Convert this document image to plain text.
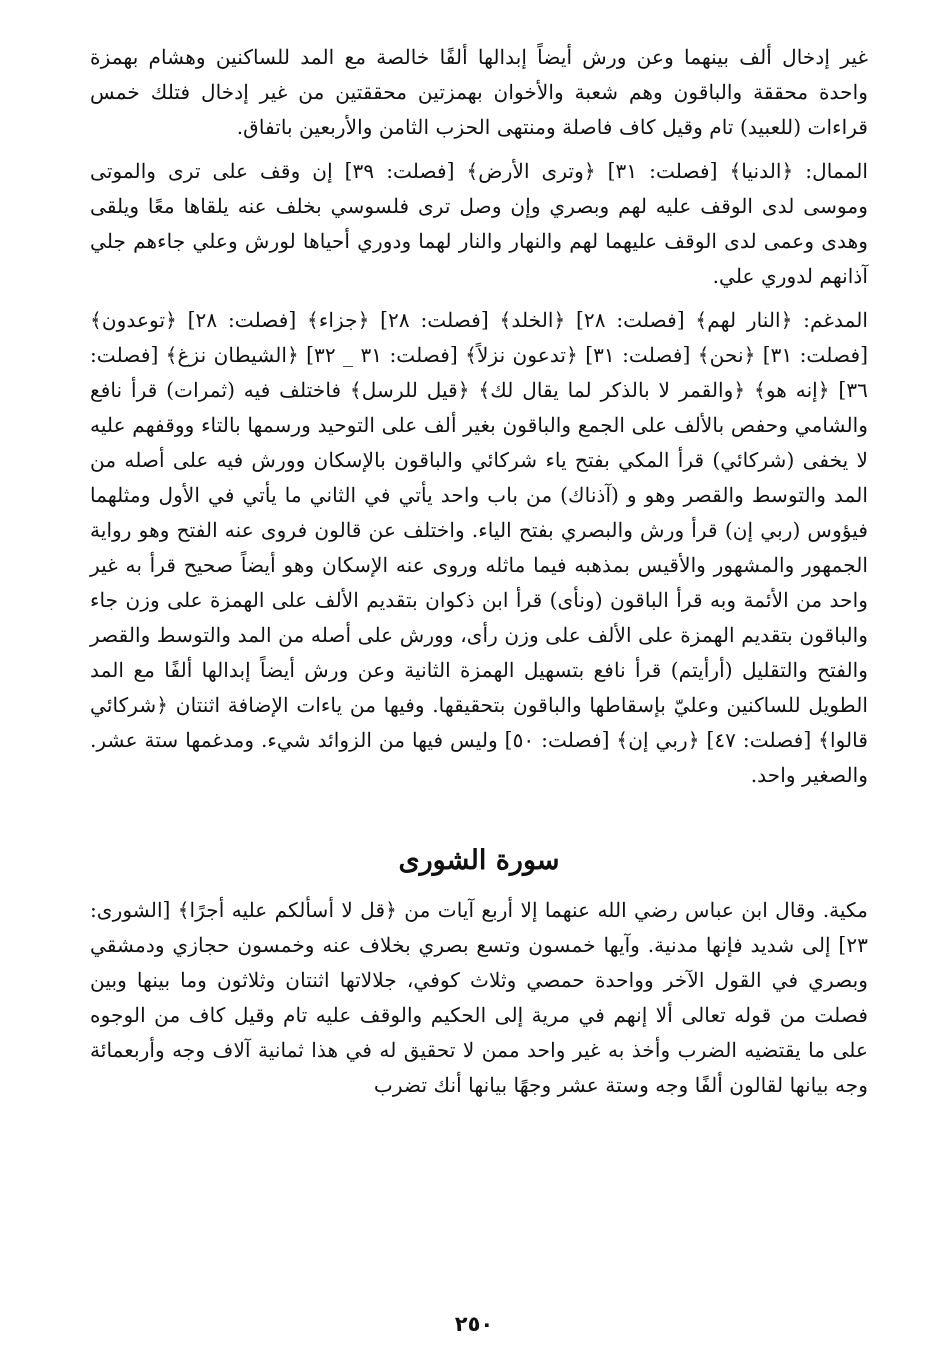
غير إدخال ألف بينهما وعن ورش أيضاً إبدالها ألفًا خالصة مع المد للساكنين وهشام بهمزة واحدة محققة والباقون وهم شعبة والأخوان بهمزتين محققتين من غير إدخال فتلك خمس قراءات (للعبيد) تام وقيل كاف فاصلة ومنتهى الحزب الثامن والأربعين باتفاق.

الممال: ﴿الدنيا﴾ [فصلت: ٣١] ﴿وترى الأرض﴾ [فصلت: ٣٩] إن وقف على ترى والموتى وموسى لدى الوقف عليه لهم وبصري وإن وصل ترى فلسوسي بخلف عنه يلقاها معًا ويلقى وهدى وعمى لدى الوقف عليهما لهم والنهار والنار لهما ودوري أحياها لورش وعلي جاءهم جلي آذانهم لدوري علي.

المدغم: ﴿النار لهم﴾ [فصلت: ٢٨] ﴿الخلد﴾ [فصلت: ٢٨] ﴿جزاء﴾ [فصلت: ٢٨] ﴿توعدون﴾ [فصلت: ٣١] ﴿نحن﴾ [فصلت: ٣١] ﴿تدعون نزلاً﴾ [فصلت: ٣١ _ ٣٢] ﴿الشيطان نزغ﴾ [فصلت: ٣٦] ﴿إنه هو﴾ ﴿والقمر لا بالذكر لما يقال لك﴾ ﴿قيل للرسل﴾ فاختلف فيه (ثمرات) قرأ نافع والشامي وحفص بالألف على الجمع والباقون بغير ألف على التوحيد ورسمها بالتاء ووقفهم عليه لا يخفى (شركائي) قرأ المكي بفتح ياء شركائي والباقون بالإسكان وورش فيه على أصله من المد والتوسط والقصر وهو و (آذناك) من باب واحد يأتي في الثاني ما يأتي في الأول ومثلهما فيؤوس (ربي إن) قرأ ورش والبصري بفتح الياء. واختلف عن قالون فروى عنه الفتح وهو رواية الجمهور والمشهور والأقيس بمذهبه فيما ماثله وروى عنه الإسكان وهو أيضاً صحيح قرأ به غير واحد من الأئمة وبه قرأ الباقون (ونأى) قرأ ابن ذكوان بتقديم الألف على الهمزة على وزن جاء والباقون بتقديم الهمزة على الألف على وزن رأى، وورش على أصله من المد والتوسط والقصر والفتح والتقليل (أرأيتم) قرأ نافع بتسهيل الهمزة الثانية وعن ورش أيضاً إبدالها ألفًا مع المد الطويل للساكنين وعليّ بإسقاطها والباقون بتحقيقها. وفيها من ياءات الإضافة اثنتان ﴿شركائي قالوا﴾ [فصلت: ٤٧] ﴿ربي إن﴾ [فصلت: ٥٠] وليس فيها من الزوائد شيء. ومدغمها ستة عشر. والصغير واحد.

سورة الشورى

مكية. وقال ابن عباس رضي الله عنهما إلا أربع آيات من ﴿قل لا أسألكم عليه أجرًا﴾ [الشورى: ٢٣] إلى شديد فإنها مدنية. وآيها خمسون وتسع بصري بخلاف عنه وخمسون حجازي ودمشقي وبصري في القول الآخر وواحدة حمصي وثلاث كوفي، جلالاتها اثنتان وثلاثون وما بينها وبين فصلت من قوله تعالى ألا إنهم في مرية إلى الحكيم والوقف عليه تام وقيل كاف من الوجوه على ما يقتضيه الضرب وأخذ به غير واحد ممن لا تحقيق له في هذا ثمانية آلاف وجه وأربعمائة وجه بيانها لقالون ألفًا وجه وستة عشر وجهًا بيانها أنك تضرب

٢٥٠
